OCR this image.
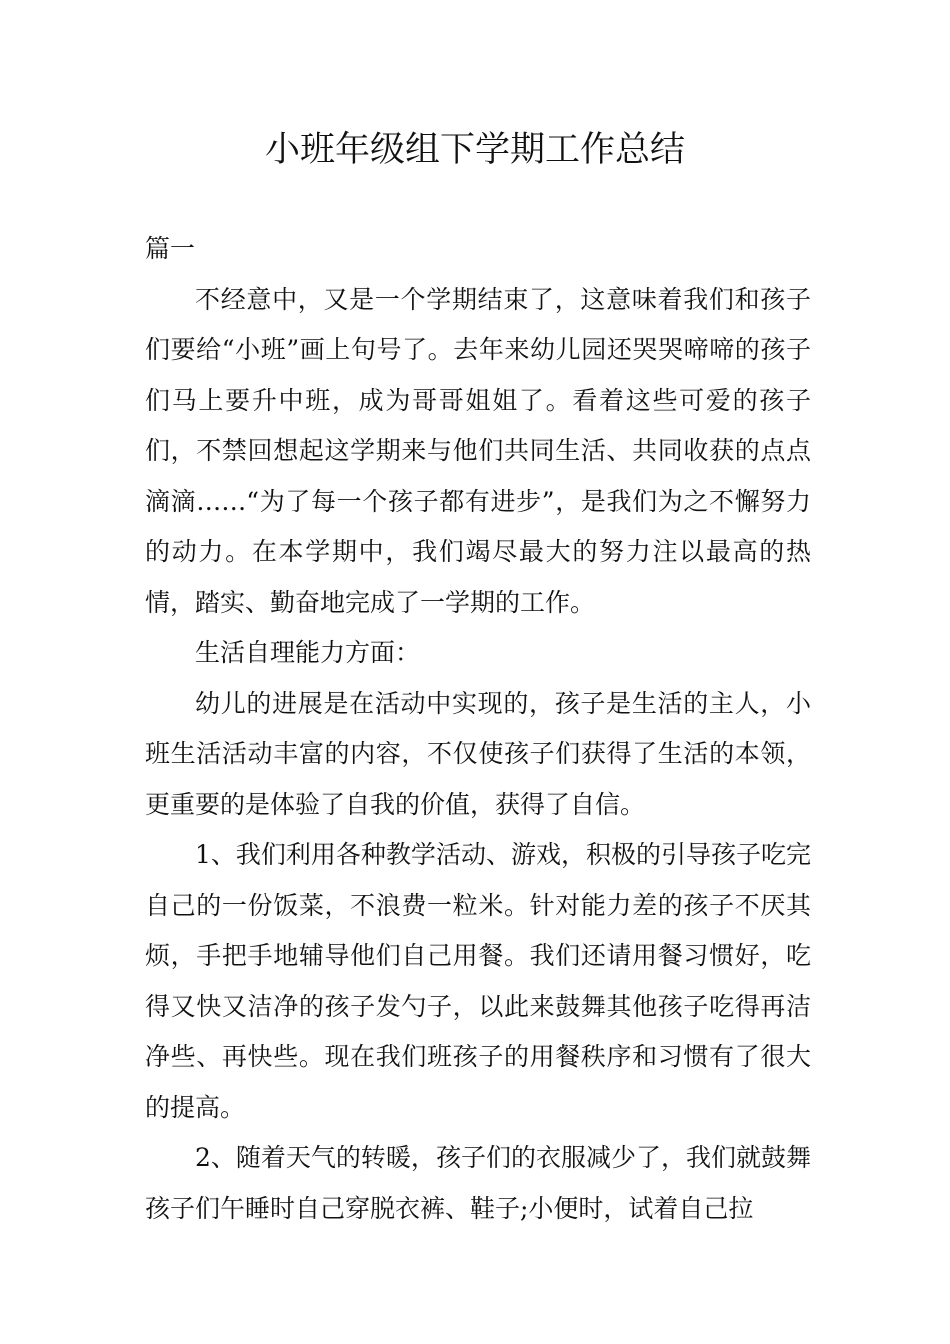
小班年级组下学期工作总结

篇一

不经意中，又是一个学期结束了，这意味着我们和孩子们要给“小班”画上句号了。去年来幼儿园还哭哭啼啼的孩子们马上要升中班，成为哥哥姐姐了。看着这些可爱的孩子们，不禁回想起这学期来与他们共同生活、共同收获的点点滴滴……“为了每一个孩子都有进步”，是我们为之不懈努力的动力。在本学期中，我们竭尽最大的努力注以最高的热情，踏实、勤奋地完成了一学期的工作。

生活自理能力方面：

幼儿的进展是在活动中实现的，孩子是生活的主人，小班生活活动丰富的内容，不仅使孩子们获得了生活的本领，更重要的是体验了自我的价值，获得了自信。

1、我们利用各种教学活动、游戏，积极的引导孩子吃完自己的一份饭菜，不浪费一粒米。针对能力差的孩子不厌其烦，手把手地辅导他们自己用餐。我们还请用餐习惯好，吃得又快又洁净的孩子发勺子，以此来鼓舞其他孩子吃得再洁净些、再快些。现在我们班孩子的用餐秩序和习惯有了很大的提高。

2、随着天气的转暖，孩子们的衣服减少了，我们就鼓舞孩子们午睡时自己穿脱衣裤、鞋子;小便时，试着自己拉
